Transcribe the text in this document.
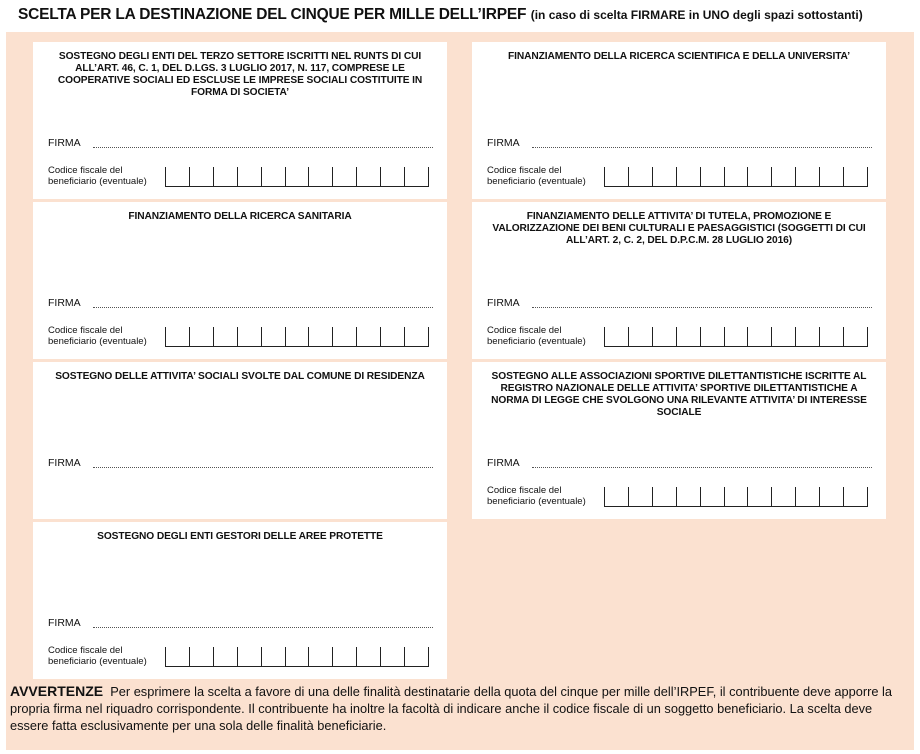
SCELTA PER LA DESTINAZIONE DEL CINQUE PER MILLE DELL’IRPEF (in caso di scelta FIRMARE in UNO degli spazi sottostanti)
SOSTEGNO DEGLI ENTI DEL TERZO SETTORE ISCRITTI NEL RUNTS DI CUI ALL’ART. 46, C. 1, DEL D.LGS. 3 LUGLIO 2017, N. 117, COMPRESE LE COOPERATIVE SOCIALI ED ESCLUSE LE IMPRESE SOCIALI COSTITUITE IN FORMA DI SOCIETA’
FIRMA
Codice fiscale del
beneficiario (eventuale)
FINANZIAMENTO DELLA RICERCA SCIENTIFICA E DELLA UNIVERSITA’
FIRMA
Codice fiscale del
beneficiario (eventuale)
FINANZIAMENTO DELLA RICERCA SANITARIA
FIRMA
Codice fiscale del
beneficiario (eventuale)
FINANZIAMENTO DELLE ATTIVITA’ DI TUTELA, PROMOZIONE E VALORIZZAZIONE DEI BENI CULTURALI E PAESAGGISTICI (SOGGETTI DI CUI ALL’ART. 2, C. 2, DEL D.P.C.M. 28 LUGLIO 2016)
FIRMA
Codice fiscale del
beneficiario (eventuale)
SOSTEGNO DELLE ATTIVITA’ SOCIALI SVOLTE DAL COMUNE DI RESIDENZA
FIRMA
SOSTEGNO ALLE ASSOCIAZIONI SPORTIVE DILETTANTISTICHE ISCRITTE AL REGISTRO NAZIONALE DELLE ATTIVITA’ SPORTIVE DILETTANTISTICHE A NORMA DI LEGGE CHE SVOLGONO UNA RILEVANTE ATTIVITA’ DI INTERESSE SOCIALE
FIRMA
Codice fiscale del
beneficiario (eventuale)
SOSTEGNO DEGLI ENTI GESTORI DELLE AREE PROTETTE
FIRMA
Codice fiscale del
beneficiario (eventuale)
AVVERTENZE Per esprimere la scelta a favore di una delle finalità destinatarie della quota del cinque per mille dell’IRPEF, il contribuente deve apporre la propria firma nel riquadro corrispondente. Il contribuente ha inoltre la facoltà di indicare anche il codice fiscale di un soggetto beneficiario. La scelta deve essere fatta esclusivamente per una sola delle finalità beneficiarie.
